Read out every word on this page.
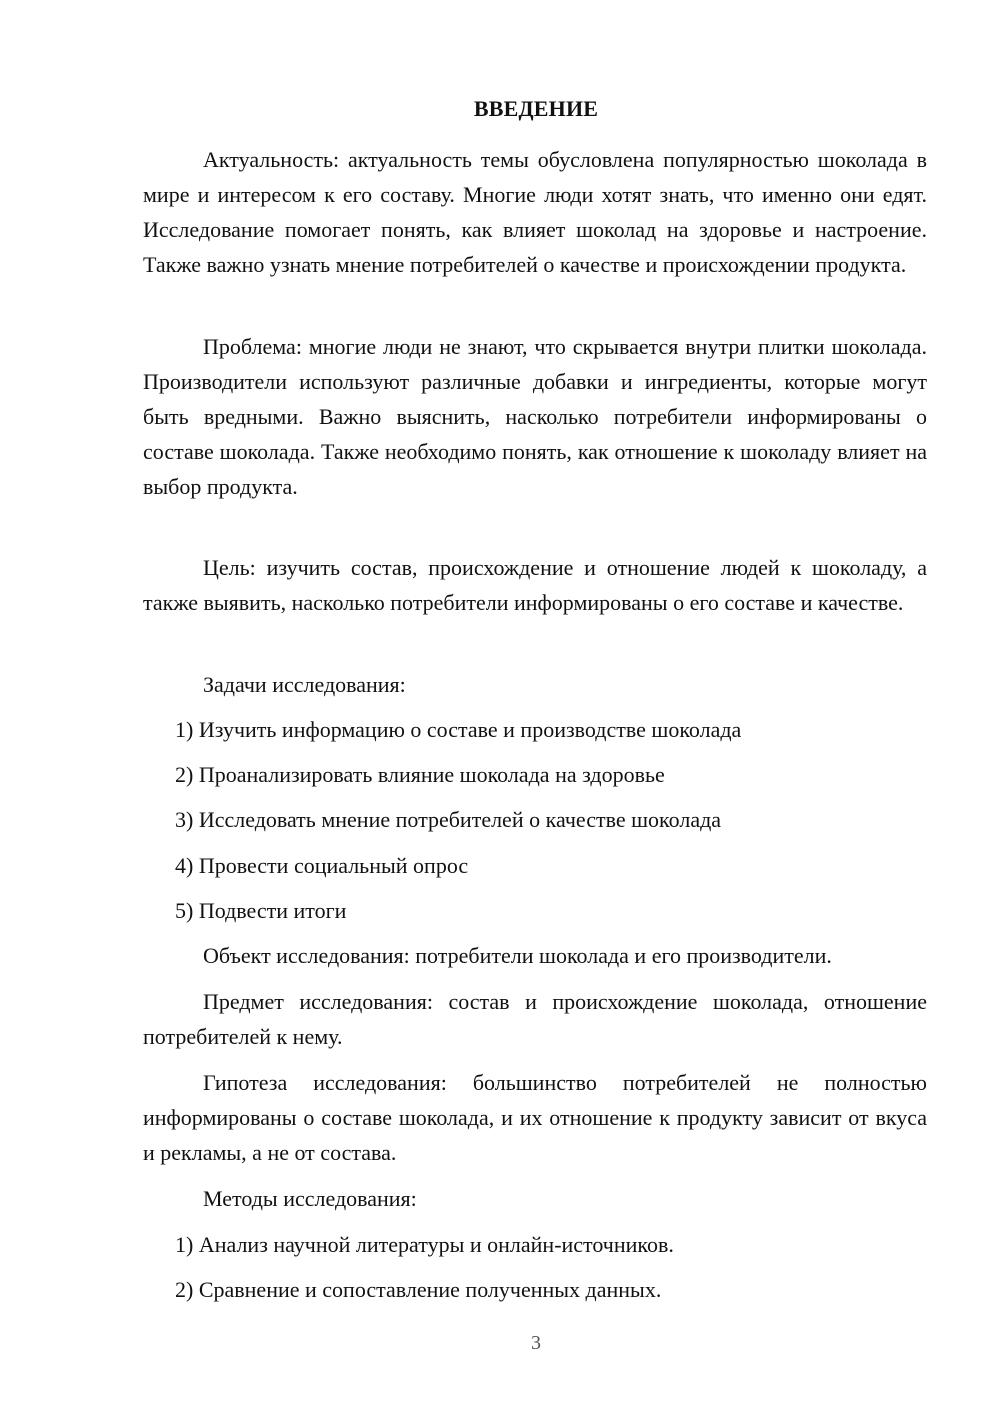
ВВЕДЕНИЕ

Актуальность: актуальность темы обусловлена популярностью шоколада в мире и интересом к его составу. Многие люди хотят знать, что именно они едят. Исследование помогает понять, как влияет шоколад на здоровье и настроение. Также важно узнать мнение потребителей о качестве и происхождении продукта.

Проблема: многие люди не знают, что скрывается внутри плитки шоколада. Производители используют различные добавки и ингредиенты, которые могут быть вредными. Важно выяснить, насколько потребители информированы о составе шоколада. Также необходимо понять, как отношение к шоколаду влияет на выбор продукта.

Цель: изучить состав, происхождение и отношение людей к шоколаду, а также выявить, насколько потребители информированы о его составе и качестве.

Задачи исследования:

1) Изучить информацию о составе и производстве шоколада

2) Проанализировать влияние шоколада на здоровье

3) Исследовать мнение потребителей о качестве шоколада

4) Провести социальный опрос

5) Подвести итоги

Объект исследования: потребители шоколада и его производители.

Предмет исследования: состав и происхождение шоколада, отношение потребителей к нему.

Гипотеза исследования: большинство потребителей не полностью информированы о составе шоколада, и их отношение к продукту зависит от вкуса и рекламы, а не от состава.

Методы исследования:

1) Анализ научной литературы и онлайн-источников.

2) Сравнение и сопоставление полученных данных.

3
